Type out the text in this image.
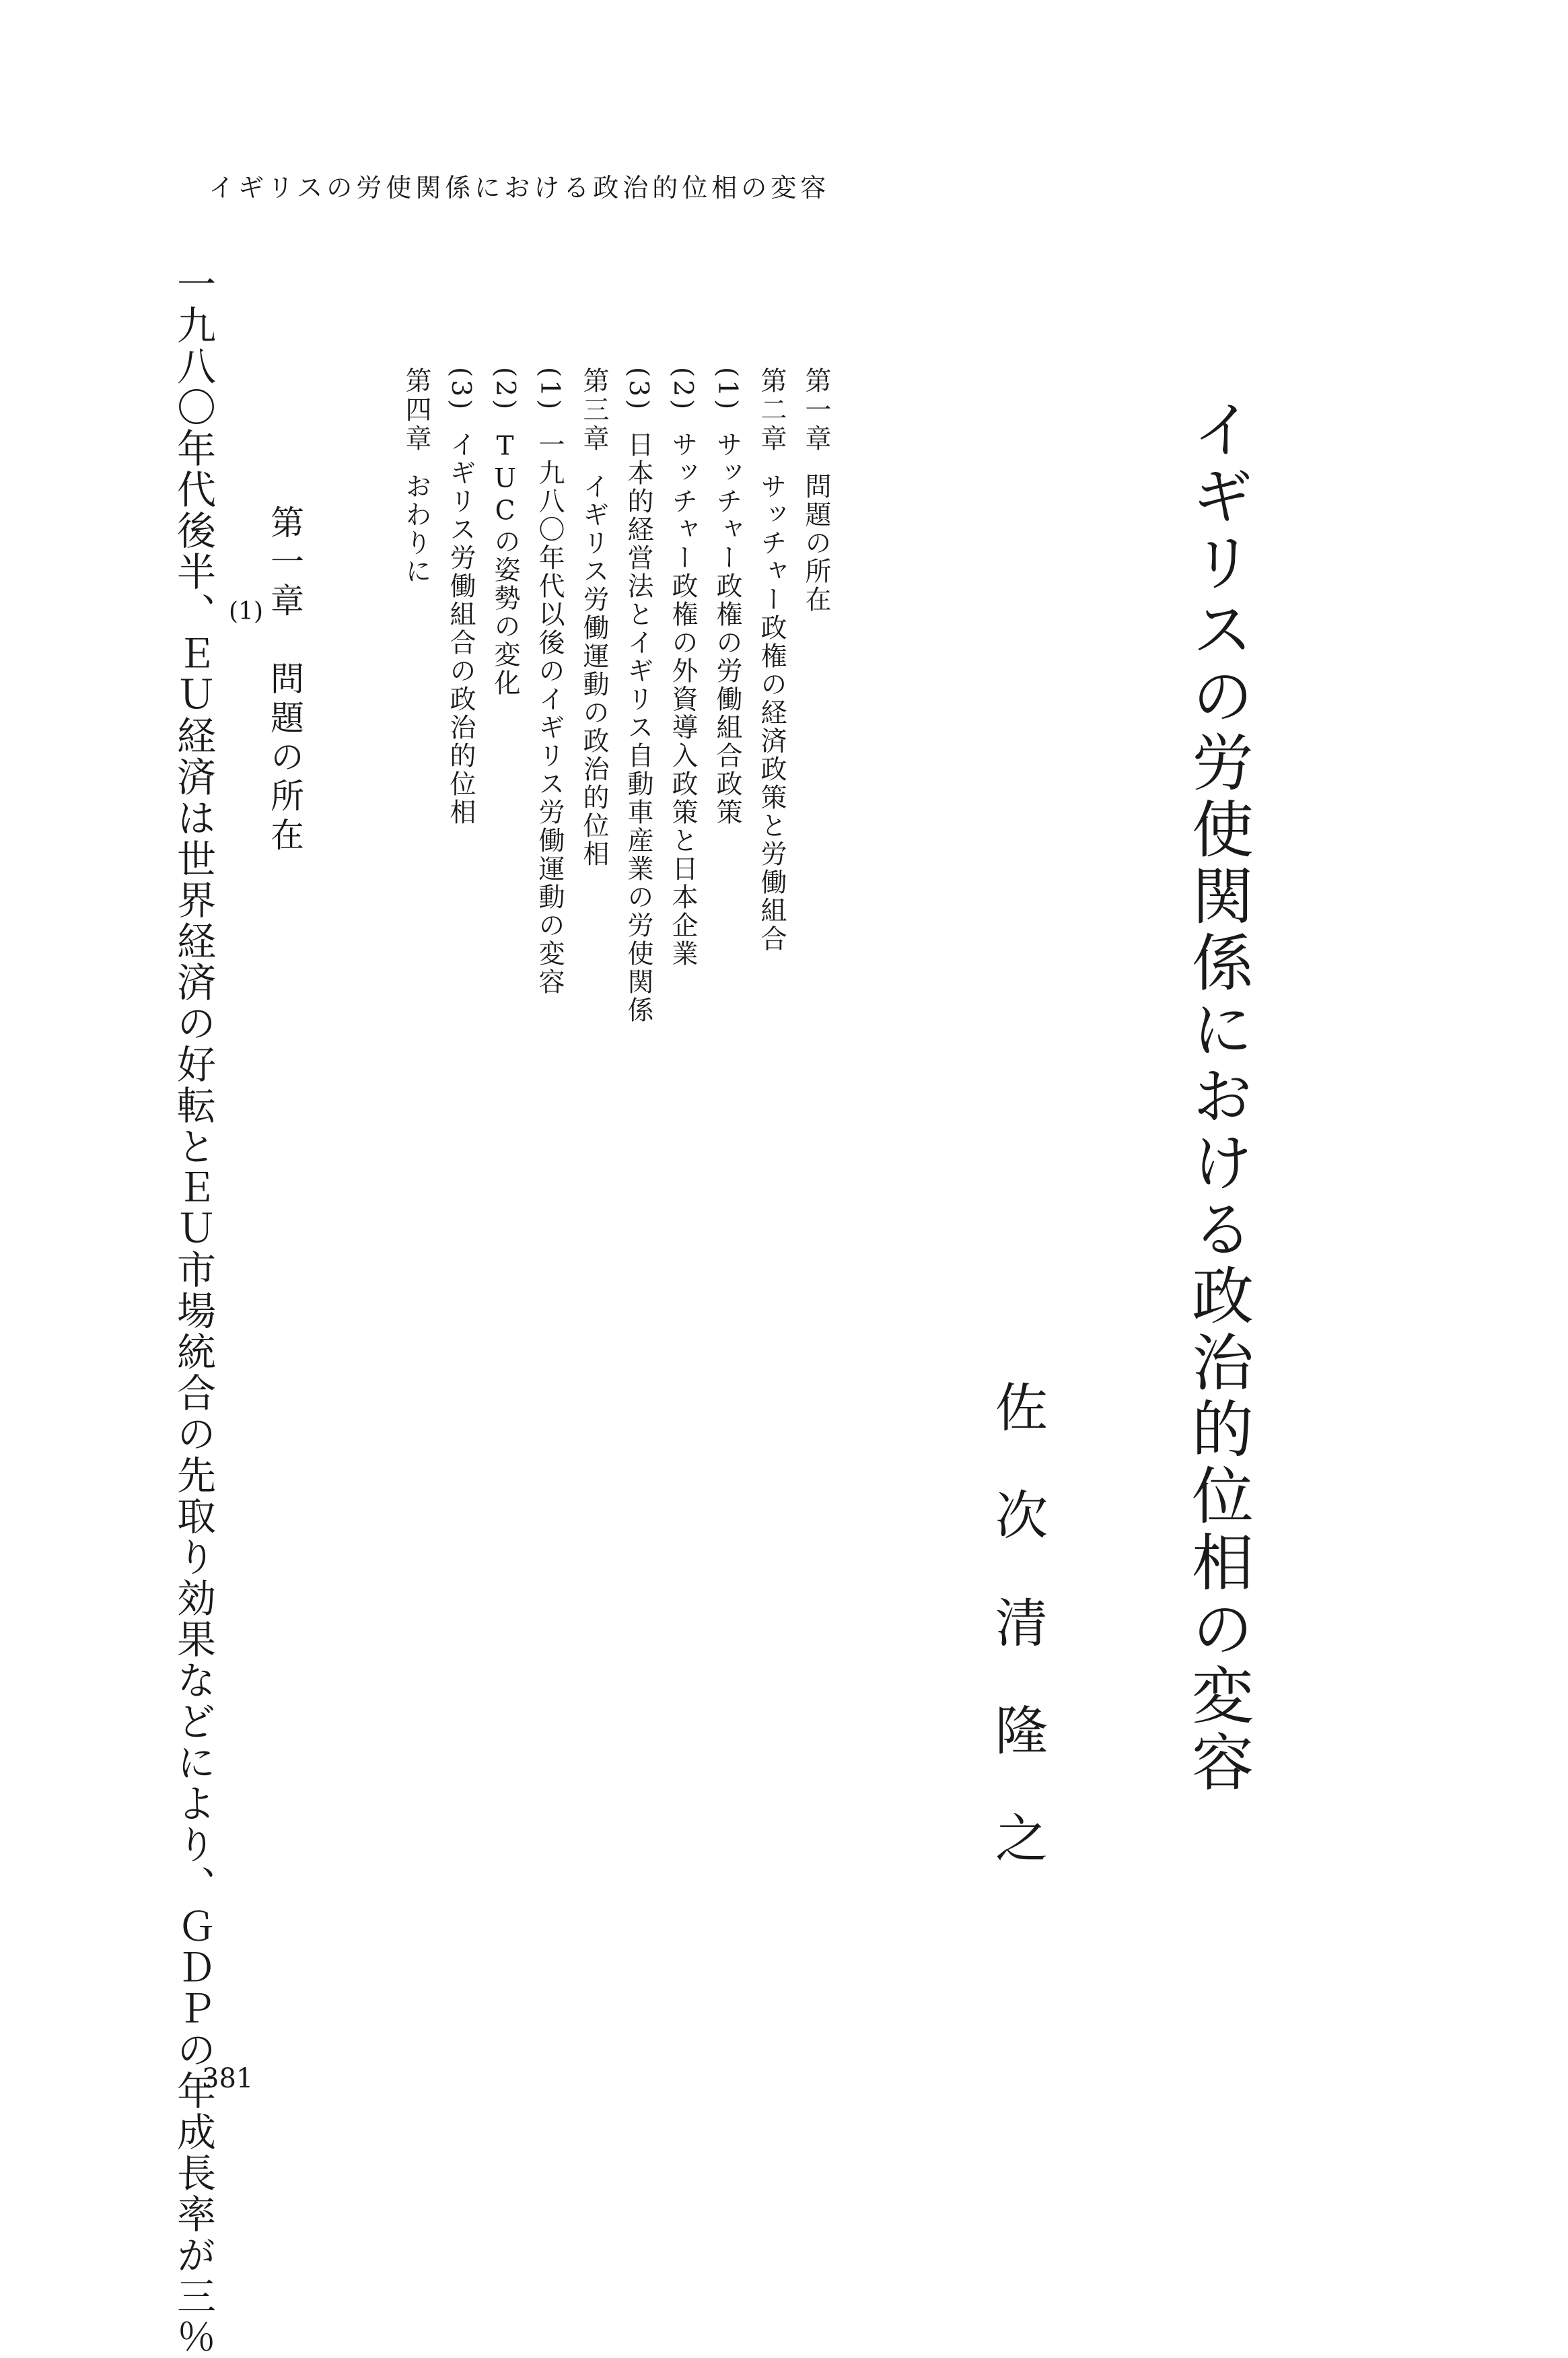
イギリスの労使関係における政治的位相の変容
イギリスの労使関係における政治的位相の変容
佐次清隆之
第一章問題の所在
第二章サッチャー政権の経済政策と労働組合
(1)サッチャー政権の労働組合政策
(2)サッチャー政権の外資導入政策と日本企業
(3)日本的経営法とイギリス自動車産業の労使関係
第三章イギリス労働運動の政治的位相
(1)一九八〇年代以後のイギリス労働運動の変容
(2)TUCの姿勢の変化
(3)イギリス労働組合の政治的位相
第四章おわりに
第一章　問題の所在
一九八〇年代後半、ＥＵ経済は世界経済の好転とＥＵ市場統合の先取り効果などにより、ＧＤＰの年成長率が三％ (1)
381
